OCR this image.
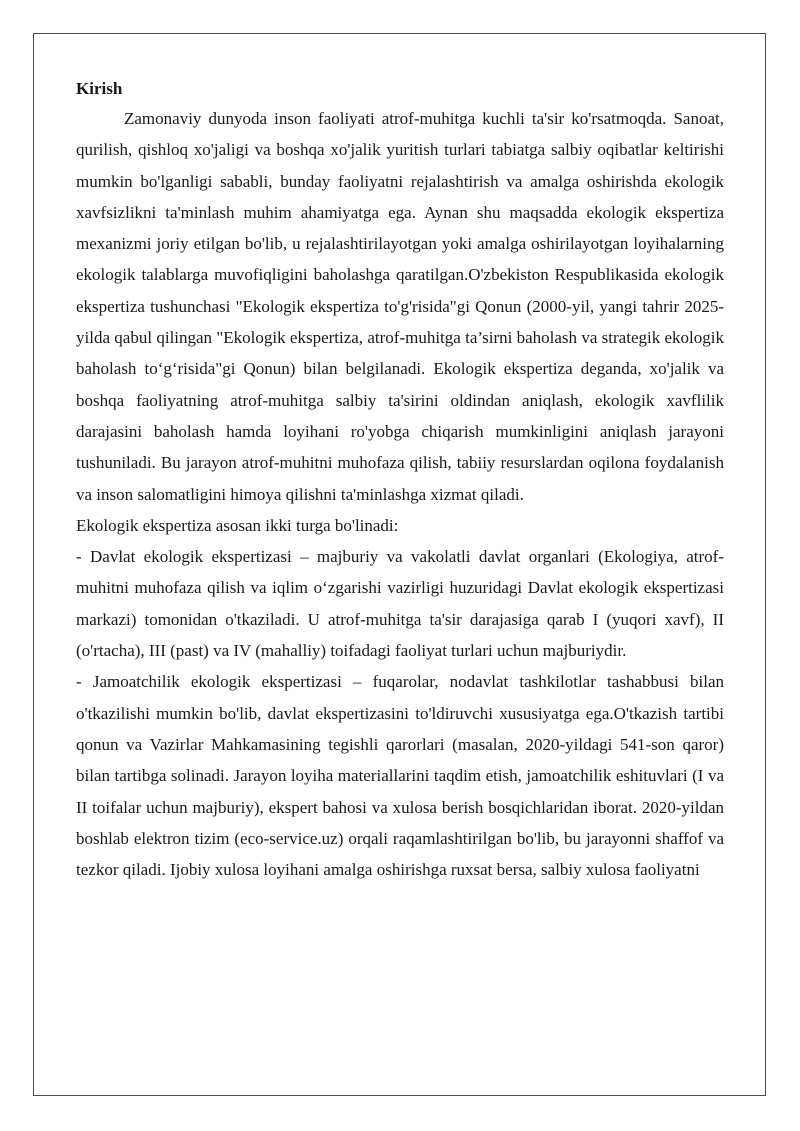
Kirish

Zamonaviy dunyoda inson faoliyati atrof-muhitga kuchli ta'sir ko'rsatmoqda. Sanoat, qurilish, qishloq xo'jaligi va boshqa xo'jalik yuritish turlari tabiatga salbiy oqibatlar keltirishi mumkin bo'lganligi sababli, bunday faoliyatni rejalashtirish va amalga oshirishda ekologik xavfsizlikni ta'minlash muhim ahamiyatga ega. Aynan shu maqsadda ekologik ekspertiza mexanizmi joriy etilgan bo'lib, u rejalashtirilayotgan yoki amalga oshirilayotgan loyihalarning ekologik talablarga muvofiqligini baholashga qaratilgan.O'zbekiston Respublikasida ekologik ekspertiza tushunchasi "Ekologik ekspertiza to'g'risida"gi Qonun (2000-yil, yangi tahrir 2025-yilda qabul qilingan "Ekologik ekspertiza, atrof-muhitga ta’sirni baholash va strategik ekologik baholash to‘g‘risida"gi Qonun) bilan belgilanadi. Ekologik ekspertiza deganda, xo'jalik va boshqa faoliyatning atrof-muhitga salbiy ta'sirini oldindan aniqlash, ekologik xavflilik darajasini baholash hamda loyihani ro'yobga chiqarish mumkinligini aniqlash jarayoni tushuniladi. Bu jarayon atrof-muhitni muhofaza qilish, tabiiy resurslardan oqilona foydalanish va inson salomatligini himoya qilishni ta'minlashga xizmat qiladi.

Ekologik ekspertiza asosan ikki turga bo'linadi:

- Davlat ekologik ekspertizasi – majburiy va vakolatli davlat organlari (Ekologiya, atrof-muhitni muhofaza qilish va iqlim o‘zgarishi vazirligi huzuridagi Davlat ekologik ekspertizasi markazi) tomonidan o'tkaziladi. U atrof-muhitga ta'sir darajasiga qarab I (yuqori xavf), II (o'rtacha), III (past) va IV (mahalliy) toifadagi faoliyat turlari uchun majburiydir.

- Jamoatchilik ekologik ekspertizasi – fuqarolar, nodavlat tashkilotlar tashabbusi bilan o'tkazilishi mumkin bo'lib, davlat ekspertizasini to'ldiruvchi xususiyatga ega.O'tkazish tartibi qonun va Vazirlar Mahkamasining tegishli qarorlari (masalan, 2020-yildagi 541-son qaror) bilan tartibga solinadi. Jarayon loyiha materiallarini taqdim etish, jamoatchilik eshituvlari (I va II toifalar uchun majburiy), ekspert bahosi va xulosa berish bosqichlaridan iborat. 2020-yildan boshlab elektron tizim (eco-service.uz) orqali raqamlashtirilgan bo'lib, bu jarayonni shaffof va tezkor qiladi. Ijobiy xulosa loyihani amalga oshirishga ruxsat bersa, salbiy xulosa faoliyatni
